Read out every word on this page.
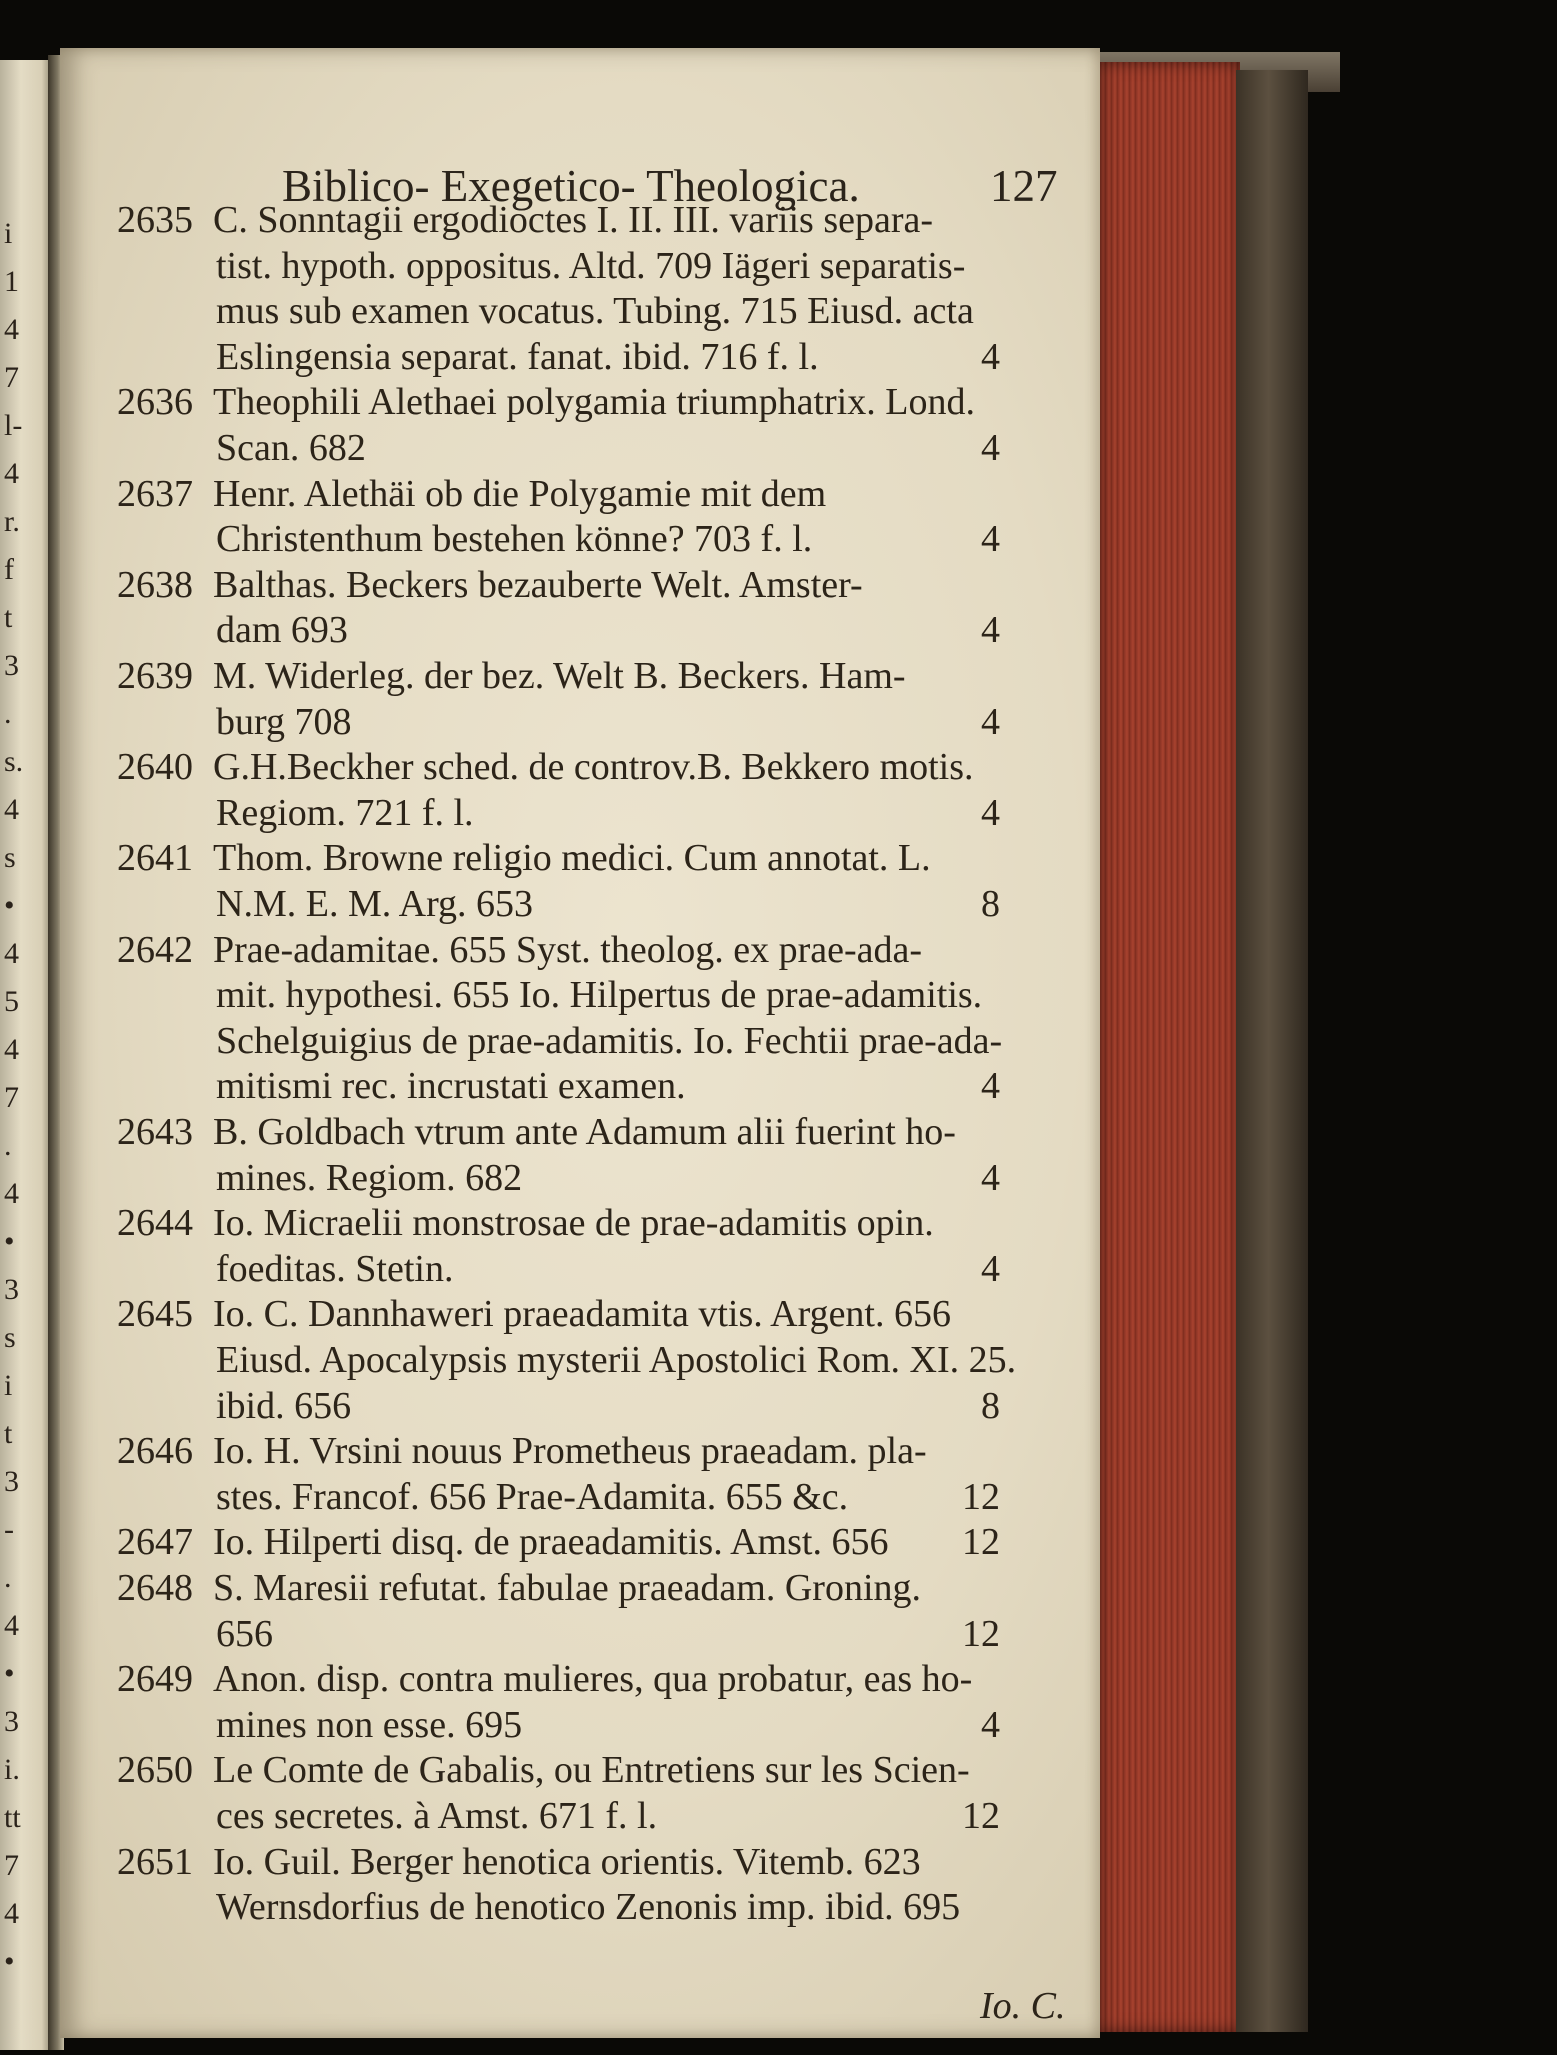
i
1
4
7
l-
4
r.
f
t
3
.
s.
4
s
•
4
5
4
7
.
4
•
3
s
i
t
3
-
.
4
•
3
i.
tt
7
4
•
Biblico- Exegetico- Theologica.	127
2635 C. Sonntagii ergodioctes I. II. III. variis separa-
tist. hypoth. oppositus. Altd. 709 Iägeri separatis-
mus sub examen vocatus. Tubing. 715 Eiusd. acta
Eslingensia separat. fanat. ibid. 716 f. l.	4
2636 Theophili Alethaei polygamia triumphatrix. Lond.
Scan. 682	4
2637 Henr. Alethäi ob die Polygamie mit dem
Christenthum bestehen könne? 703 f. l.	4
2638 Balthas. Beckers bezauberte Welt. Amster-
dam 693	4
2639 M. Widerleg. der bez. Welt B. Beckers. Ham-
burg 708	4
2640 G.H.Beckher sched. de controv.B. Bekkero motis.
Regiom. 721 f. l.	4
2641 Thom. Browne religio medici. Cum annotat. L.
N.M. E. M. Arg. 653	8
2642 Prae-adamitae. 655 Syst. theolog. ex prae-ada-
mit. hypothesi. 655 Io. Hilpertus de prae-adamitis.
Schelguigius de prae-adamitis. Io. Fechtii prae-ada-
mitismi rec. incrustati examen.	4
2643 B. Goldbach vtrum ante Adamum alii fuerint ho-
mines. Regiom. 682	4
2644 Io. Micraelii monstrosae de prae-adamitis opin.
foeditas. Stetin.	4
2645 Io. C. Dannhaweri praeadamita vtis. Argent. 656
Eiusd. Apocalypsis mysterii Apostolici Rom. XI. 25.
ibid. 656	8
2646 Io. H. Vrsini nouus Prometheus praeadam. pla-
stes. Francof. 656 Prae-Adamita. 655 &c.	12
2647 Io. Hilperti disq. de praeadamitis. Amst. 656 12
2648 S. Maresii refutat. fabulae praeadam. Groning.
656	12
2649 Anon. disp. contra mulieres, qua probatur, eas ho-
mines non esse. 695	4
2650 Le Comte de Gabalis, ou Entretiens sur les Scien-
ces secretes. à Amst. 671 f. l.	12
2651 Io. Guil. Berger henotica orientis. Vitemb. 623
Wernsdorfius de henotico Zenonis imp. ibid. 695
Io. C.
